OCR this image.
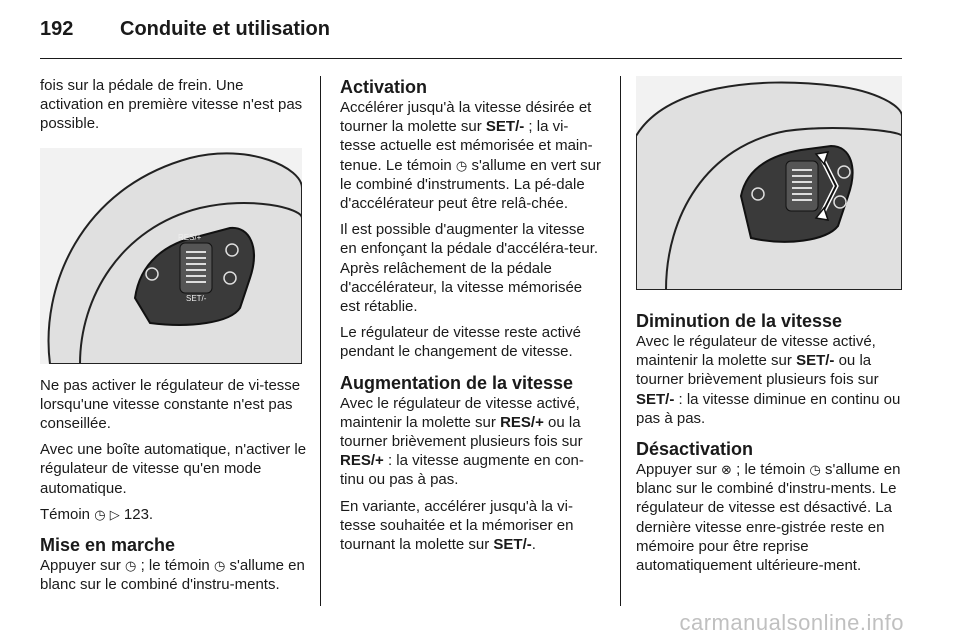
192 Conduite et utilisation

fois sur la pédale de frein. Une activation en première vitesse n'est pas possible.

RES/+
SET/-

Ne pas activer le régulateur de vi-tesse lorsqu'une vitesse constante n'est pas conseillée.

Avec une boîte automatique, n'activer le régulateur de vitesse qu'en mode automatique.

Témoin ◷ ▷ 123.

Mise en marche

Appuyer sur ◷ ; le témoin ◷ s'allume en blanc sur le combiné d'instru-ments.

Activation

Accélérer jusqu'à la vitesse désirée et tourner la molette sur SET/- ; la vi-tesse actuelle est mémorisée et main-tenue. Le témoin ◷ s'allume en vert sur le combiné d'instruments. La pé-dale d'accélérateur peut être relâ-chée.

Il est possible d'augmenter la vitesse en enfonçant la pédale d'accéléra-teur. Après relâchement de la pédale d'accélérateur, la vitesse mémorisée est rétablie.

Le régulateur de vitesse reste activé pendant le changement de vitesse.

Augmentation de la vitesse

Avec le régulateur de vitesse activé, maintenir la molette sur RES/+ ou la tourner brièvement plusieurs fois sur RES/+ : la vitesse augmente en con-tinu ou pas à pas.

En variante, accélérer jusqu'à la vi-tesse souhaitée et la mémoriser en tournant la molette sur SET/-.

Diminution de la vitesse

Avec le régulateur de vitesse activé, maintenir la molette sur SET/- ou la tourner brièvement plusieurs fois sur SET/- : la vitesse diminue en continu ou pas à pas.

Désactivation

Appuyer sur ⊗ ; le témoin ◷ s'allume en blanc sur le combiné d'instru-ments. Le régulateur de vitesse est désactivé. La dernière vitesse enre-gistrée reste en mémoire pour être reprise automatiquement ultérieure-ment.

carmanualsonline.info
